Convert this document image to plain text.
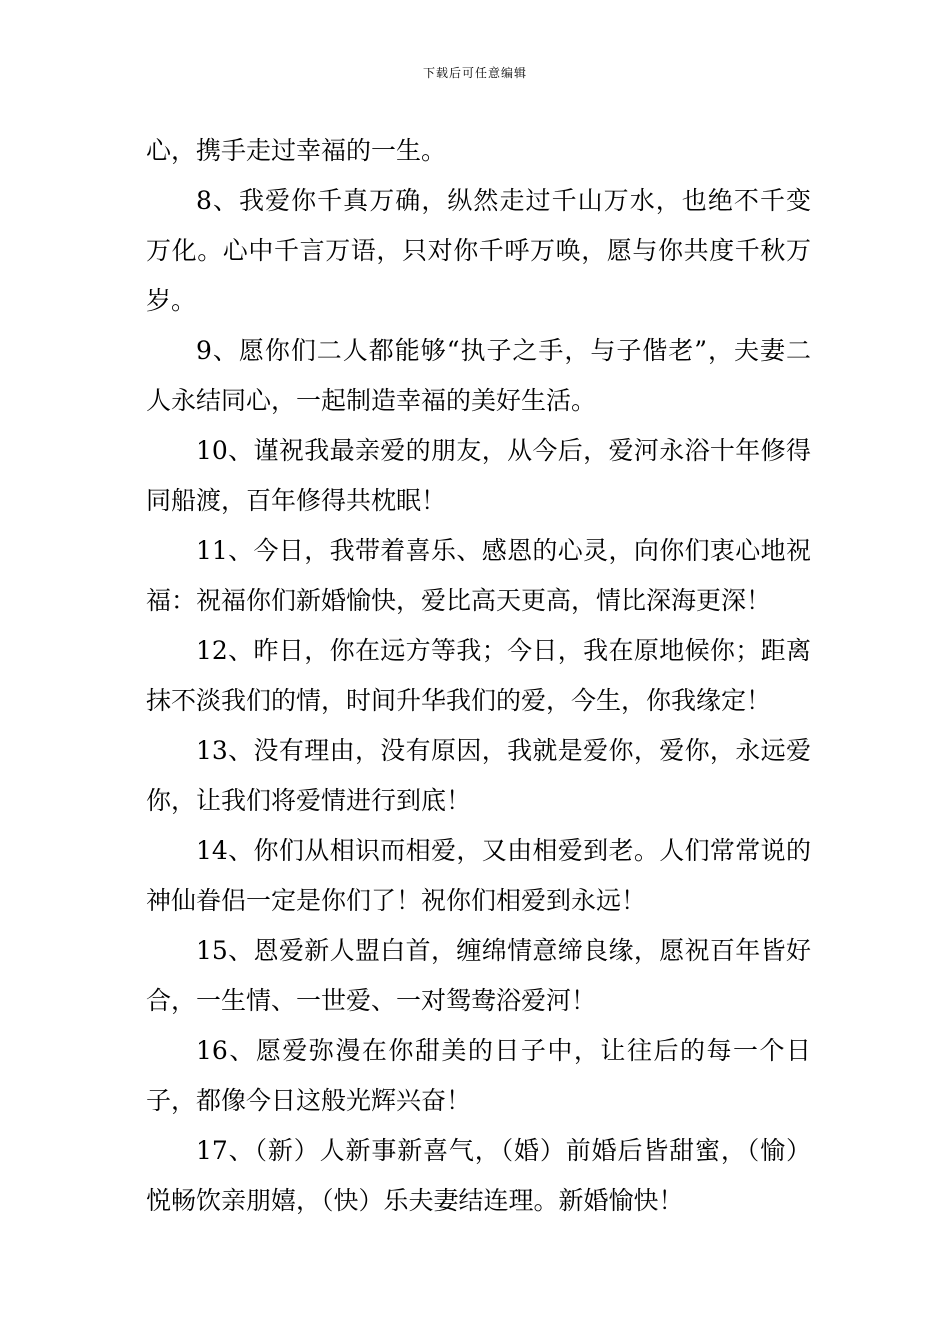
下载后可任意编辑

心，携手走过幸福的一生。

8、我爱你千真万确，纵然走过千山万水，也绝不千变万化。心中千言万语，只对你千呼万唤，愿与你共度千秋万岁。

9、愿你们二人都能够“执子之手，与子偕老”，夫妻二人永结同心，一起制造幸福的美好生活。

10、谨祝我最亲爱的朋友，从今后，爱河永浴十年修得同船渡，百年修得共枕眠！

11、今日，我带着喜乐、感恩的心灵，向你们衷心地祝福：祝福你们新婚愉快，爱比高天更高，情比深海更深！

12、昨日，你在远方等我；今日，我在原地候你；距离抹不淡我们的情，时间升华我们的爱，今生，你我缘定！

13、没有理由，没有原因，我就是爱你，爱你，永远爱你，让我们将爱情进行到底！

14、你们从相识而相爱，又由相爱到老。人们常常说的神仙眷侣一定是你们了！祝你们相爱到永远！

15、恩爱新人盟白首，缠绵情意缔良缘，愿祝百年皆好合，一生情、一世爱、一对鸳鸯浴爱河！

16、愿爱弥漫在你甜美的日子中，让往后的每一个日子，都像今日这般光辉兴奋！

17、（新）人新事新喜气，（婚）前婚后皆甜蜜，（愉）悦畅饮亲朋嬉，（快）乐夫妻结连理。新婚愉快！
